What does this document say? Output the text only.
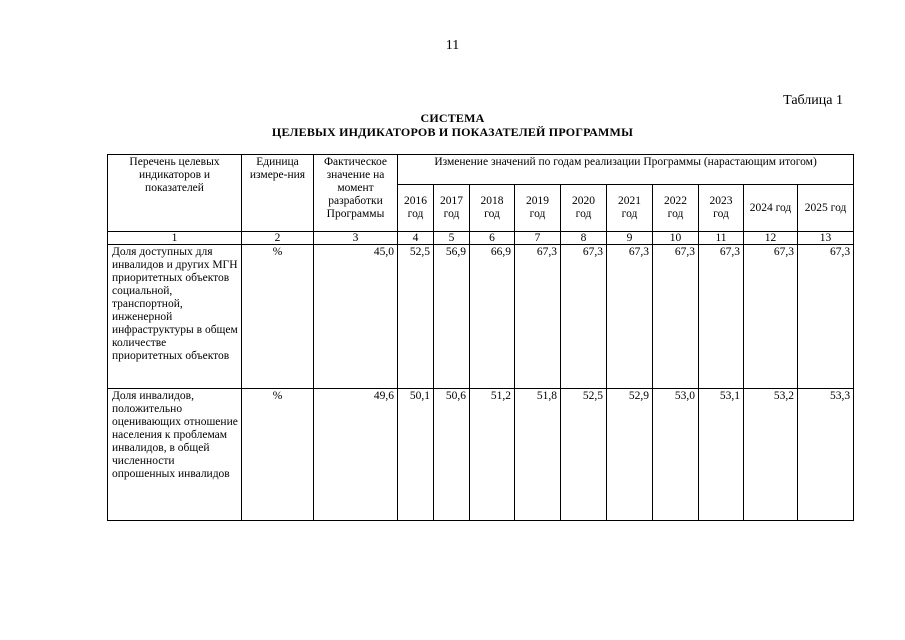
11
Таблица 1
СИСТЕМА
ЦЕЛЕВЫХ ИНДИКАТОРОВ И ПОКАЗАТЕЛЕЙ ПРОГРАММЫ
Перечень целевых индикаторов и показателей	Единица измере-ния	Фактическое значение на момент разработки Программы	Изменение значений по годам реализации Программы (нарастающим итогом)									
			2016 год	2017 год	2018 год	2019 год	2020 год	2021 год	2022 год	2023 год	2024 год	2025 год
1	2	3	4	5	6	7	8	9	10	11	12	13
Доля доступных для инвалидов и других МГН приоритетных объектов социальной, транспортной, инженерной инфраструктуры в общем количестве приоритетных объектов	%	45,0	52,5	56,9	66,9	67,3	67,3	67,3	67,3	67,3	67,3	67,3
Доля инвалидов, положительно оценивающих отношение населения к проблемам инвалидов, в общей численности опрошенных инвалидов	%	49,6	50,1	50,6	51,2	51,8	52,5	52,9	53,0	53,1	53,2	53,3
